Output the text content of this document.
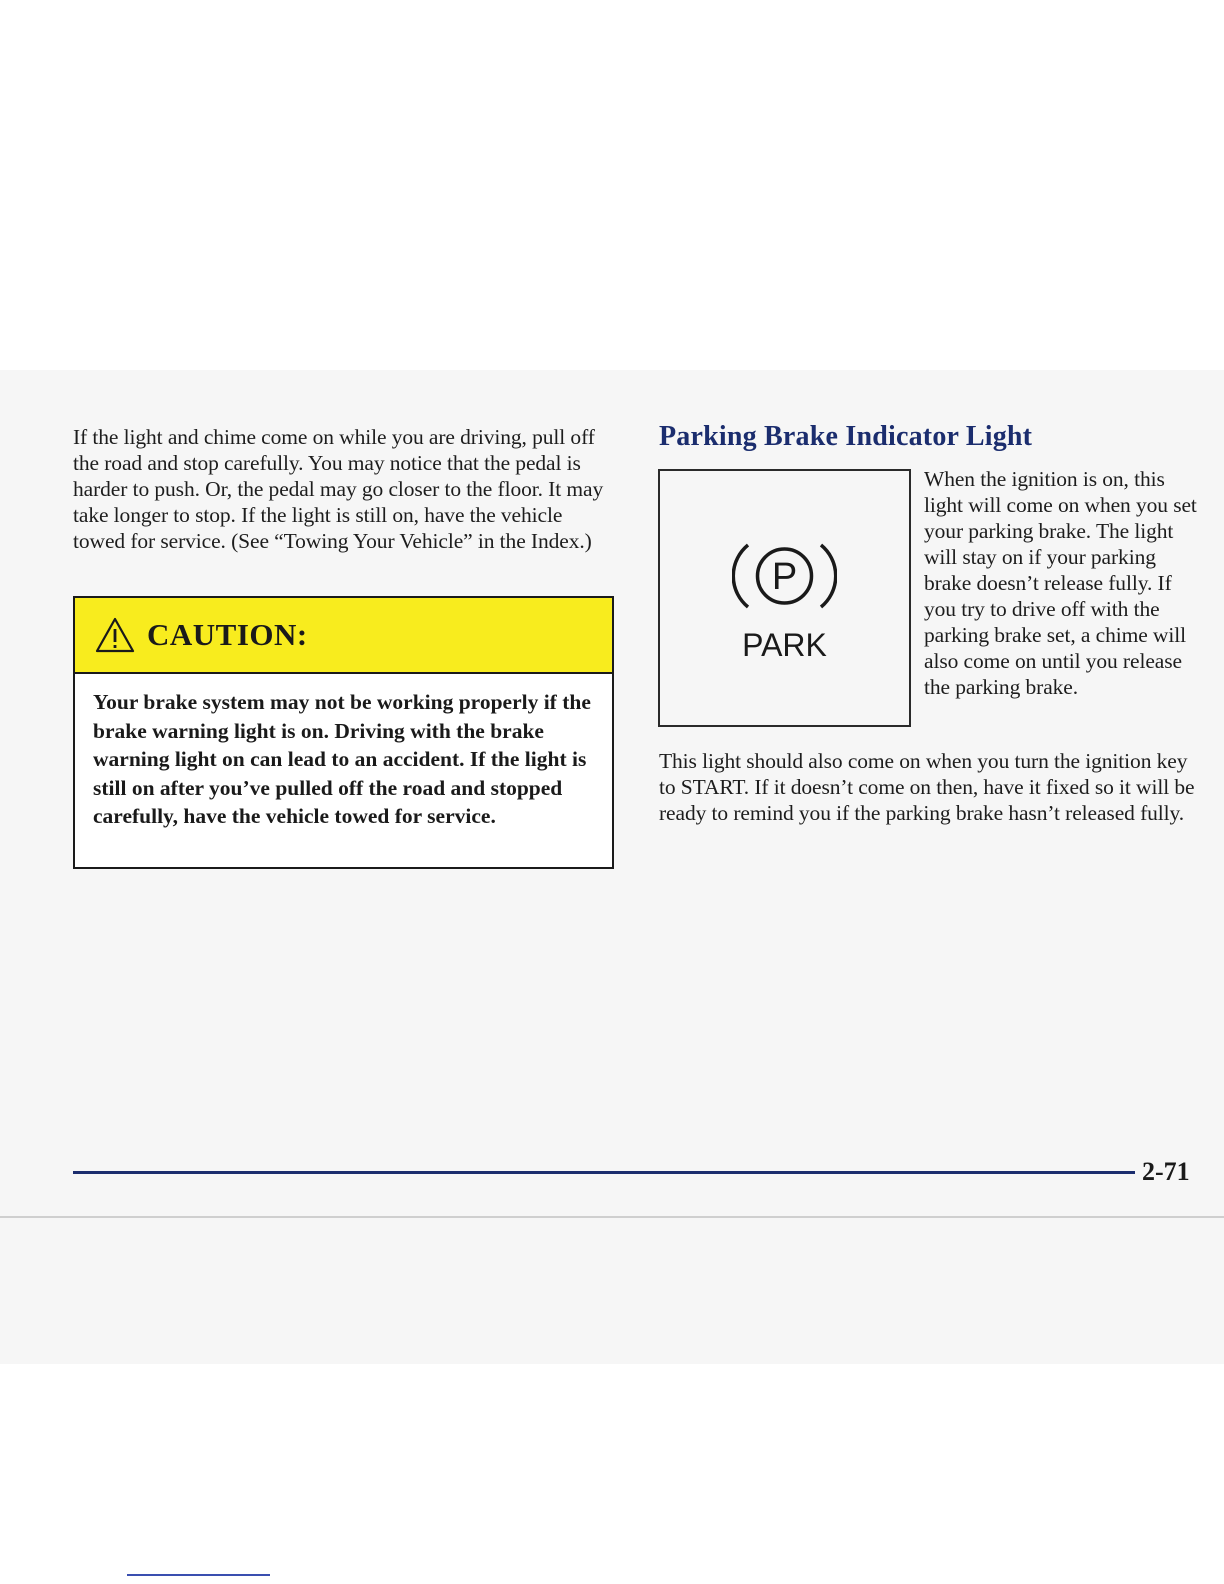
If the light and chime come on while you are driving, pull off the road and stop carefully. You may notice that the pedal is harder to push. Or, the pedal may go closer to the floor. It may take longer to stop. If the light is still on, have the vehicle towed for service. (See “Towing Your Vehicle” in the Index.)

CAUTION:

Your brake system may not be working properly if the brake warning light is on. Driving with the brake warning light on can lead to an accident. If the light is still on after you’ve pulled off the road and stopped carefully, have the vehicle towed for service.

Parking Brake Indicator Light
P
PARK

When the ignition is on, this light will come on when you set your parking brake. The light will stay on if your parking brake doesn’t release fully. If you try to drive off with the parking brake set, a chime will also come on until you release the parking brake.

This light should also come on when you turn the ignition key to START. If it doesn’t come on then, have it fixed so it will be ready to remind you if the parking brake hasn’t released fully.

2-71
